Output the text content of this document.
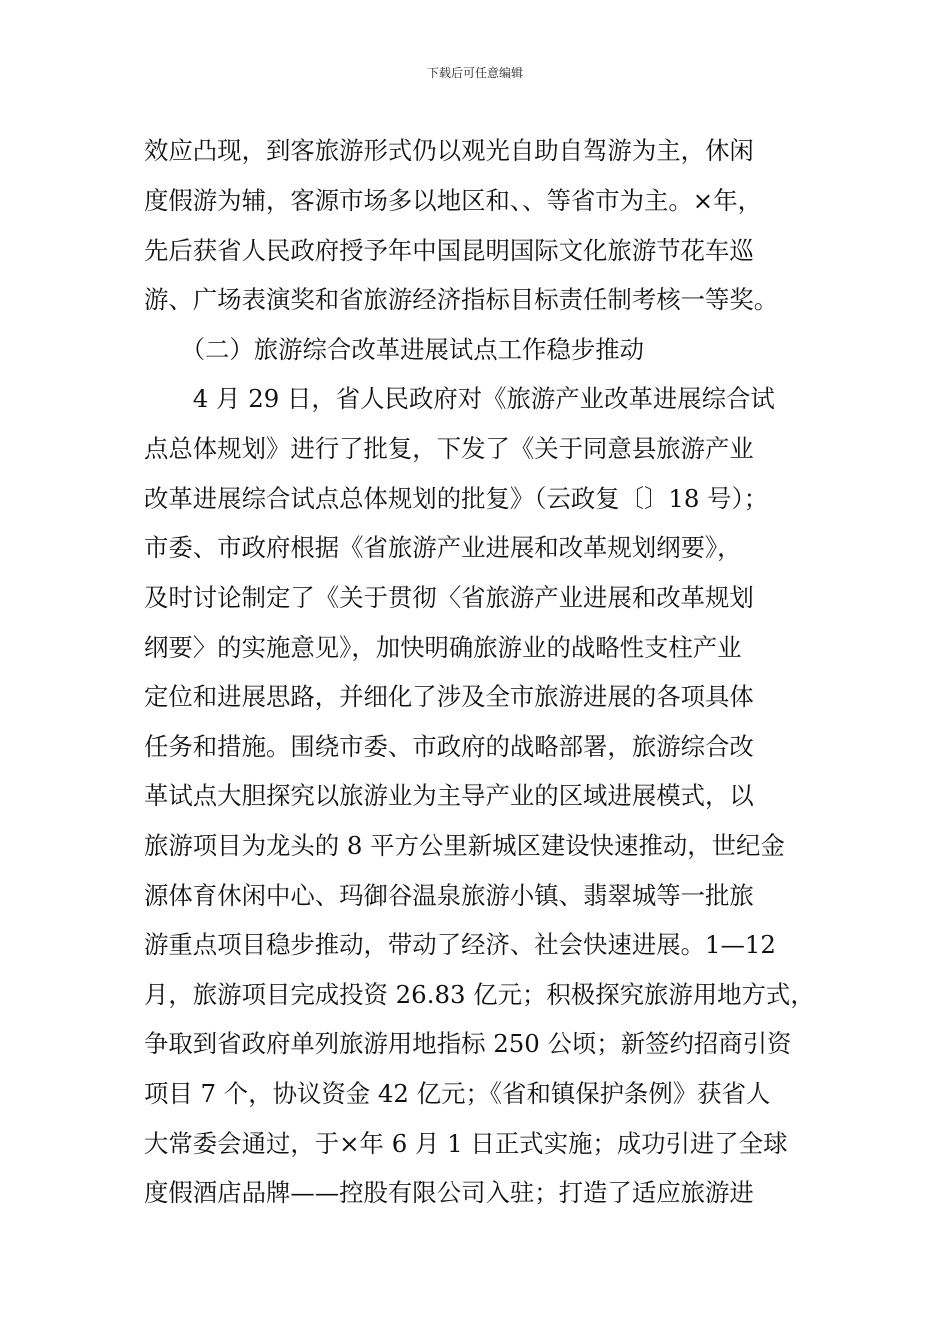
下载后可任意编辑
效应凸现，到客旅游形式仍以观光自助自驾游为主，休闲
度假游为辅，客源市场多以地区和、、等省市为主。×年，
先后获省人民政府授予年中国昆明国际文化旅游节花车巡
游、广场表演奖和省旅游经济指标目标责任制考核一等奖。
　　（二）旅游综合改革进展试点工作稳步推动
　　4 月 29 日，省人民政府对《旅游产业改革进展综合试
点总体规划》进行了批复，下发了《关于同意县旅游产业
改革进展综合试点总体规划的批复》（云政复〔〕18 号）；
市委、市政府根据《省旅游产业进展和改革规划纲要》，
及时讨论制定了《关于贯彻〈省旅游产业进展和改革规划
纲要〉的实施意见》，加快明确旅游业的战略性支柱产业
定位和进展思路，并细化了涉及全市旅游进展的各项具体
任务和措施。围绕市委、市政府的战略部署，旅游综合改
革试点大胆探究以旅游业为主导产业的区域进展模式，以
旅游项目为龙头的 8 平方公里新城区建设快速推动，世纪金
源体育休闲中心、玛御谷温泉旅游小镇、翡翠城等一批旅
游重点项目稳步推动，带动了经济、社会快速进展。1—12
月，旅游项目完成投资 26.83 亿元；积极探究旅游用地方式，
争取到省政府单列旅游用地指标 250 公顷；新签约招商引资
项目 7 个，协议资金 42 亿元；《省和镇保护条例》获省人
大常委会通过，于×年 6 月 1 日正式实施；成功引进了全球
度假酒店品牌——控股有限公司入驻；打造了适应旅游进
